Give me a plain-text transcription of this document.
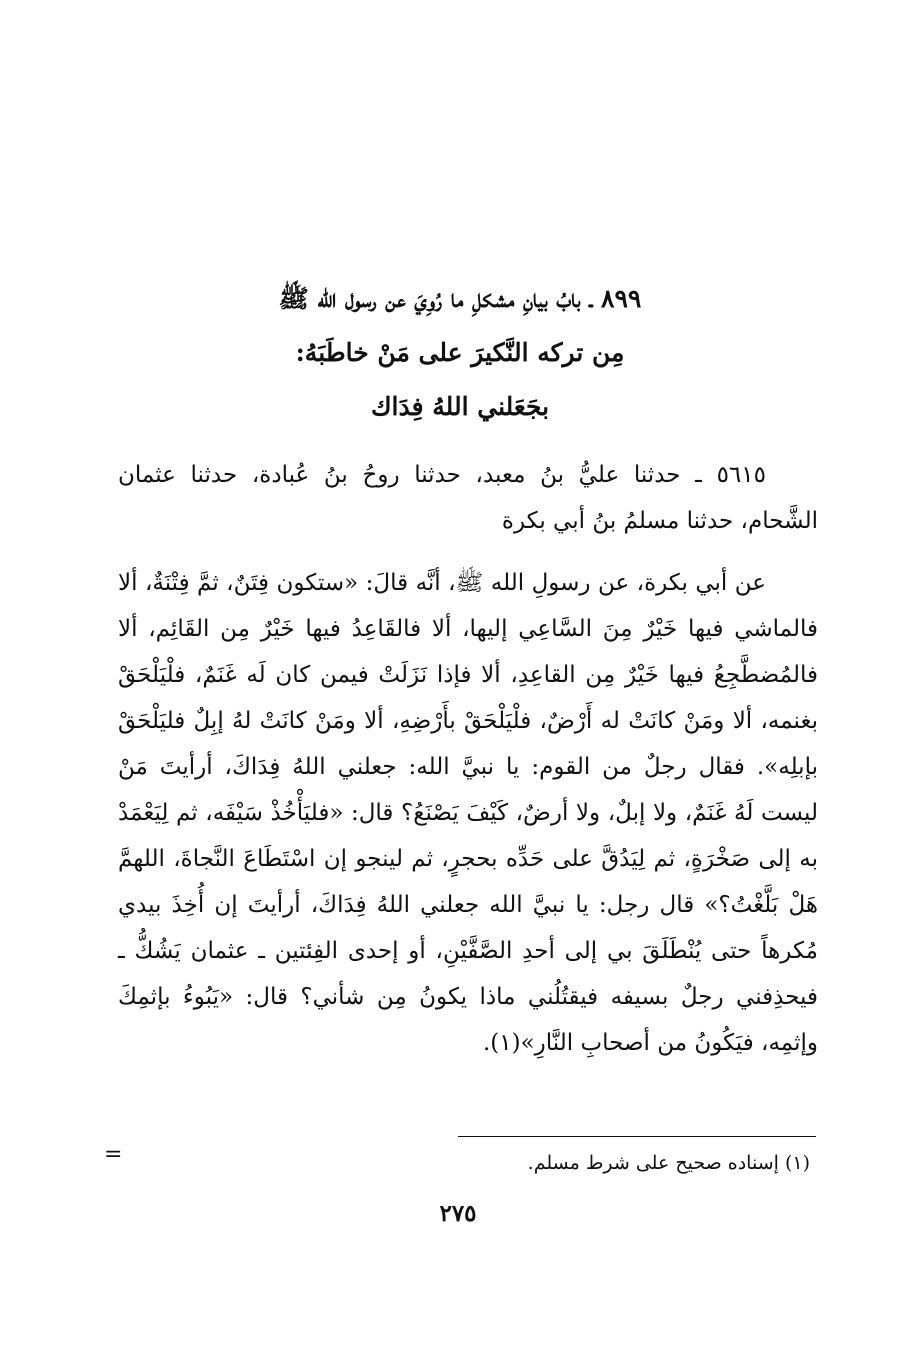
٨٩٩ ـ بابُ بيانِ مشكلِ ما رُوِيَ عن رسول الله ﷺ
مِن تركه النَّكيرَ على مَنْ خاطَبَهُ:
بجَعَلني اللهُ فِدَاك

٥٦١٥ ـ حدثنا عليُّ بنُ معبد، حدثنا روحُ بنُ عُبادة، حدثنا عثمان الشَّحام، حدثنا مسلمُ بنُ أبي بكرة

عن أبي بكرة، عن رسولِ الله ﷺ، أنَّه قالَ: «ستكون فِتَنٌ، ثمَّ فِتْنَةٌ، ألا فالماشي فيها خَيْرٌ مِنَ السَّاعِي إليها، ألا فالقَاعِدُ فيها خَيْرٌ مِن القَائِم، ألا فالمُضطَّجِعُ فيها خَيْرٌ مِن القاعِدِ، ألا فإذا نَزَلَتْ فيمن كان لَه غَنَمٌ، فلْيَلْحَقْ بغنمه، ألا ومَنْ كانَتْ له أَرْضٌ، فلْيَلْحَقْ بأَرْضِهِ، ألا ومَنْ كانَتْ لهُ إبِلٌ فليَلْحَقْ بإبلِه». فقال رجلٌ من القوم: يا نبيَّ الله: جعلني اللهُ فِدَاكَ، أرأيتَ مَنْ ليست لَهُ غَنَمٌ، ولا إبلٌ، ولا أرضٌ، كَيْفَ يَصْنَعُ؟ قال: «فليَأْخُذْ سَيْفَه، ثم لِيَعْمَدْ به إلى صَخْرَةٍ، ثم لِيَدُقَّ على حَدِّه بحجرٍ، ثم لينجو إن اسْتَطَاعَ النَّجاةَ، اللهمَّ هَلْ بَلَّغْتُ؟» قال رجل: يا نبيَّ الله جعلني اللهُ فِدَاكَ، أرأيتَ إن أُخِذَ بيدي مُكرهاً حتى يُنْطَلَقَ بي إلى أحدِ الصَّفَّيْنِ، أو إحدى الفِئتين ـ عثمان يَشُكُّ ـ فيحذِفني رجلٌ بسيفه فيقتُلُني ماذا يكونُ مِن شأني؟ قال: «يَبُوءُ بإثمِكَ وإثمِه، فيَكُونُ من أصحابِ النَّارِ»(١).

=	(١) إسناده صحيح على شرط مسلم.
٢٧٥
